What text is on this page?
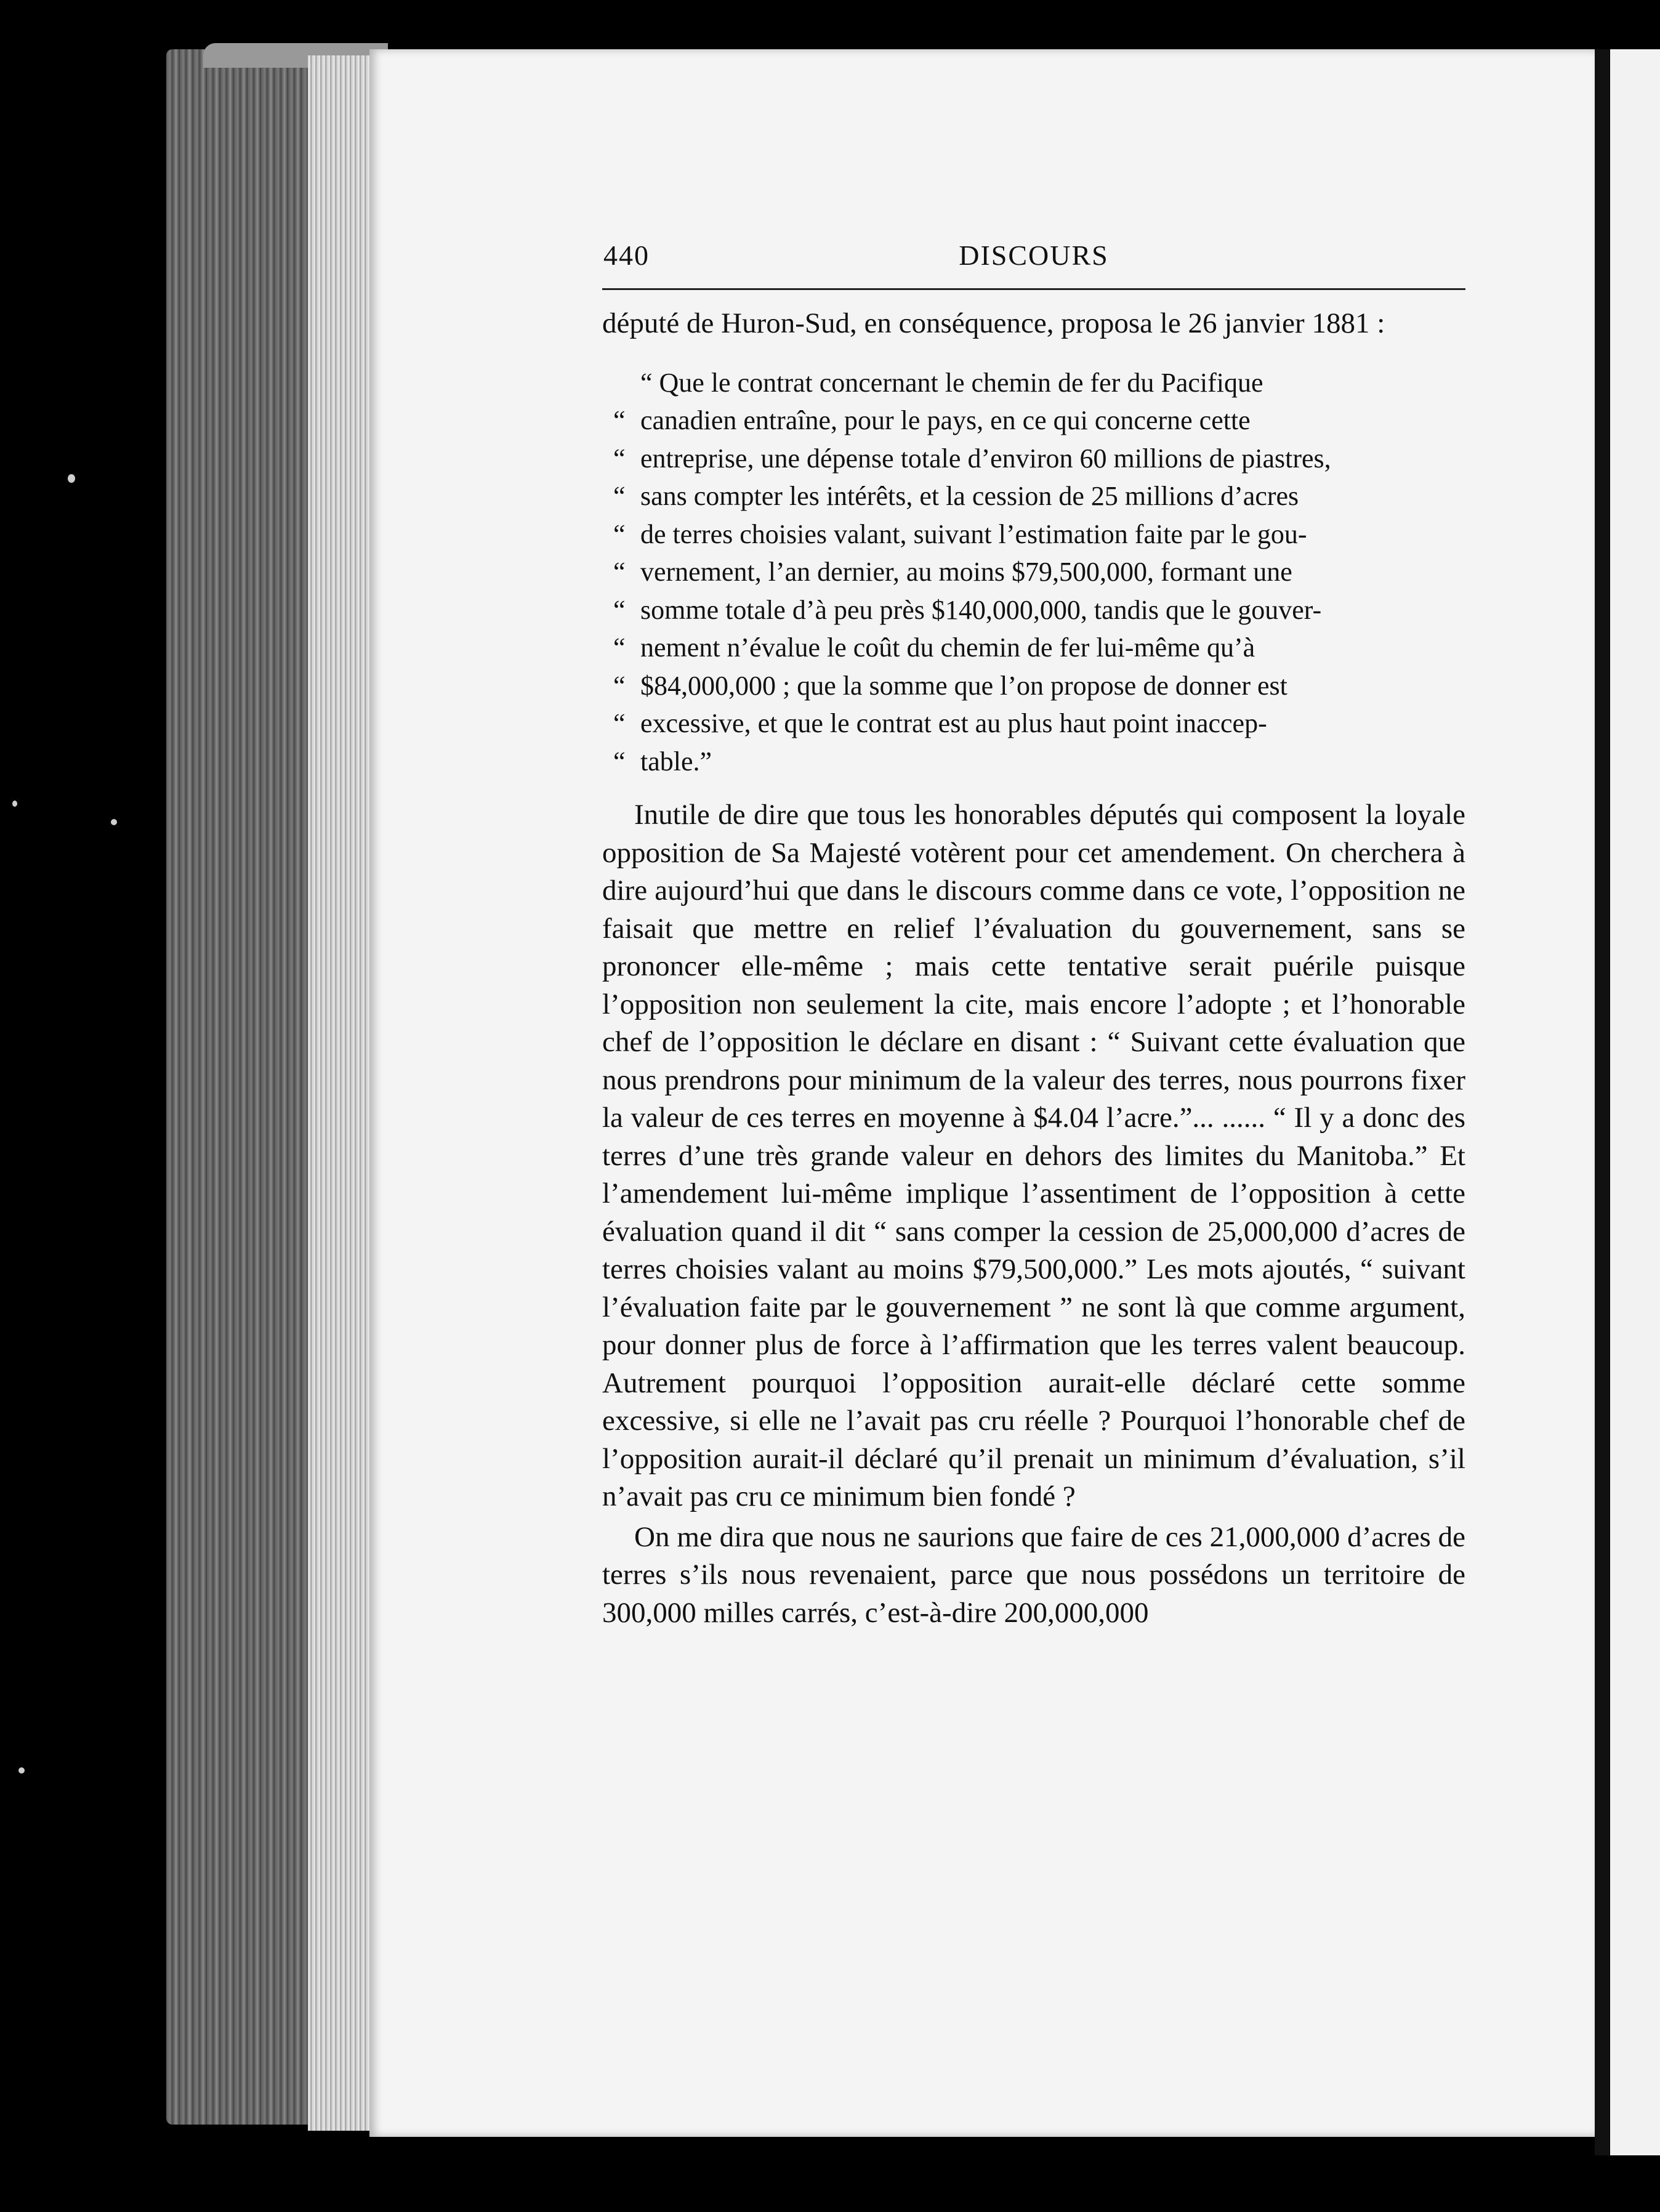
440	DISCOURS

député de Huron-Sud, en conséquence, proposa le 26 janvier 1881 :

“ Que le contrat concernant le chemin de fer du Pacifique
“ canadien entraîne, pour le pays, en ce qui concerne cette
“ entreprise, une dépense totale d’environ 60 millions de piastres,
“ sans compter les intérêts, et la cession de 25 millions d’acres
“ de terres choisies valant, suivant l’estimation faite par le gou-
“ vernement, l’an dernier, au moins $79,500,000, formant une
“ somme totale d’à peu près $140,000,000, tandis que le gouver-
“ nement n’évalue le coût du chemin de fer lui-même qu’à
“ $84,000,000 ; que la somme que l’on propose de donner est
“ excessive, et que le contrat est au plus haut point inaccep-
“ table.”

Inutile de dire que tous les honorables députés qui composent la loyale opposition de Sa Majesté votèrent pour cet amendement. On cherchera à dire aujourd’hui que dans le discours comme dans ce vote, l’opposition ne faisait que mettre en relief l’évaluation du gouvernement, sans se prononcer elle-même ; mais cette tentative serait puérile puisque l’opposition non seulement la cite, mais encore l’adopte ; et l’honorable chef de l’opposition le déclare en disant : “ Suivant cette évaluation que nous prendrons pour minimum de la valeur des terres, nous pourrons fixer la valeur de ces terres en moyenne à $4.04 l’acre.”... ...... “ Il y a donc des terres d’une très grande valeur en dehors des limites du Manitoba.” Et l’amendement lui-même implique l’assentiment de l’opposition à cette évaluation quand il dit “ sans comper la cession de 25,000,000 d’acres de terres choisies valant au moins $79,500,000.” Les mots ajoutés, “ suivant l’évaluation faite par le gouvernement ” ne sont là que comme argument, pour donner plus de force à l’affirmation que les terres valent beaucoup. Autrement pourquoi l’opposition aurait-elle déclaré cette somme excessive, si elle ne l’avait pas cru réelle ? Pourquoi l’honorable chef de l’opposition aurait-il déclaré qu’il prenait un minimum d’évaluation, s’il n’avait pas cru ce minimum bien fondé ?

On me dira que nous ne saurions que faire de ces 21,000,000 d’acres de terres s’ils nous revenaient, parce que nous possédons un territoire de 300,000 milles carrés, c’est-à-dire 200,000,000
